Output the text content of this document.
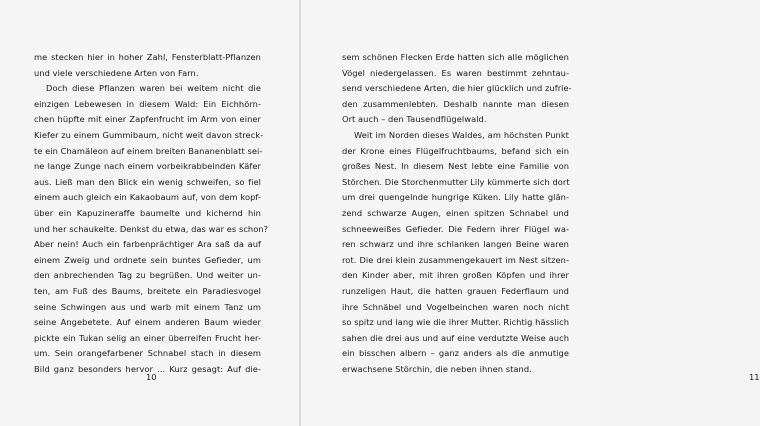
me stecken hier in hoher Zahl, Fensterblatt-Pflanzen
und viele verschiedene Arten von Farn.
Doch diese Pflanzen waren bei weitem nicht die
einzigen Lebewesen in diesem Wald: Ein Eichhörn-
chen hüpfte mit einer Zapfenfrucht im Arm von einer
Kiefer zu einem Gummibaum, nicht weit davon streck-
te ein Chamäleon auf einem breiten Bananenblatt sei-
ne lange Zunge nach einem vorbeikrabbelnden Käfer
aus. Ließ man den Blick ein wenig schweifen, so fiel
einem auch gleich ein Kakaobaum auf, von dem kopf-
über ein Kapuzineraffe baumelte und kichernd hin
und her schaukelte. Denkst du etwa, das war es schon?
Aber nein! Auch ein farbenprächtiger Ara saß da auf
einem Zweig und ordnete sein buntes Gefieder, um
den anbrechenden Tag zu begrüßen. Und weiter un-
ten, am Fuß des Baums, breitete ein Paradiesvogel
seine Schwingen aus und warb mit einem Tanz um
seine Angebetete. Auf einem anderen Baum wieder
pickte ein Tukan selig an einer überreifen Frucht her-
um. Sein orangefarbener Schnabel stach in diesem
Bild ganz besonders hervor … Kurz gesagt: Auf die-
10
sem schönen Flecken Erde hatten sich alle möglichen
Vögel niedergelassen. Es waren bestimmt zehntau-
send verschiedene Arten, die hier glücklich und zufrie-
den zusammenlebten. Deshalb nannte man diesen
Ort auch – den Tausendflügelwald.
Weit im Norden dieses Waldes, am höchsten Punkt
der Krone eines Flügelfruchtbaums, befand sich ein
großes Nest. In diesem Nest lebte eine Familie von
Störchen. Die Storchenmutter Lily kümmerte sich dort
um drei quengelnde hungrige Küken. Lily hatte glän-
zend schwarze Augen, einen spitzen Schnabel und
schneeweißes Gefieder. Die Federn ihrer Flügel wa-
ren schwarz und ihre schlanken langen Beine waren
rot. Die drei klein zusammengekauert im Nest sitzen-
den Kinder aber, mit ihren großen Köpfen und ihrer
runzeligen Haut, die hatten grauen Federflaum und
ihre Schnäbel und Vogelbeinchen waren noch nicht
so spitz und lang wie die ihrer Mutter. Richtig hässlich
sahen die drei aus und auf eine verdutzte Weise auch
ein bisschen albern – ganz anders als die anmutige
erwachsene Störchin, die neben ihnen stand.
11
